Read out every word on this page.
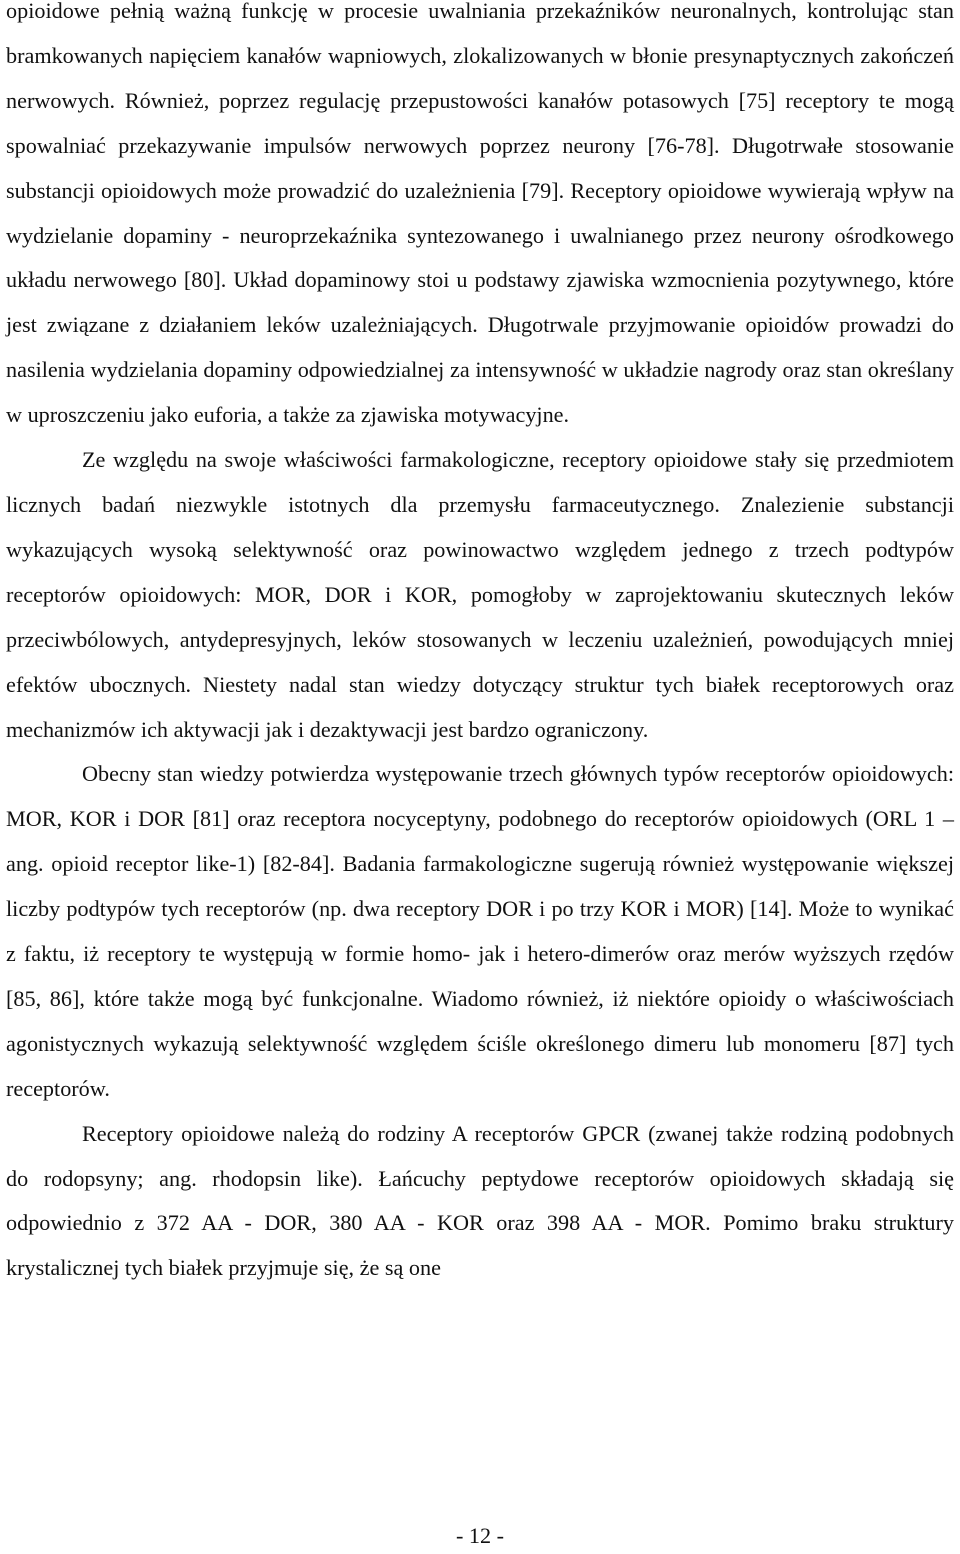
opioidowe pełnią ważną funkcję w procesie uwalniania przekaźników neuronalnych, kontrolując stan bramkowanych napięciem kanałów wapniowych, zlokalizowanych w błonie presynaptycznych zakończeń nerwowych. Również, poprzez regulację przepustowości kanałów potasowych [75] receptory te mogą spowalniać przekazywanie impulsów nerwowych poprzez neurony [76-78]. Długotrwałe stosowanie substancji opioidowych może prowadzić do uzależnienia [79]. Receptory opioidowe wywierają wpływ na wydzielanie dopaminy - neuroprzekaźnika syntezowanego i uwalnianego przez neurony ośrodkowego układu nerwowego [80]. Układ dopaminowy stoi u podstawy zjawiska wzmocnienia pozytywnego, które jest związane z działaniem leków uzależniających. Długotrwale przyjmowanie opioidów prowadzi do nasilenia wydzielania dopaminy odpowiedzialnej za intensywność w układzie nagrody oraz stan określany w uproszczeniu jako euforia, a także za zjawiska motywacyjne.

Ze względu na swoje właściwości farmakologiczne, receptory opioidowe stały się przedmiotem licznych badań niezwykle istotnych dla przemysłu farmaceutycznego. Znalezienie substancji wykazujących wysoką selektywność oraz powinowactwo względem jednego z trzech podtypów receptorów opioidowych: MOR, DOR i KOR, pomogłoby w zaprojektowaniu skutecznych leków przeciwbólowych, antydepresyjnych, leków stosowanych w leczeniu uzależnień, powodujących mniej efektów ubocznych. Niestety nadal stan wiedzy dotyczący struktur tych białek receptorowych oraz mechanizmów ich aktywacji jak i dezaktywacji jest bardzo ograniczony.

Obecny stan wiedzy potwierdza występowanie trzech głównych typów receptorów opioidowych: MOR, KOR i DOR [81] oraz receptora nocyceptyny, podobnego do receptorów opioidowych (ORL 1 – ang. opioid receptor like-1) [82-84]. Badania farmakologiczne sugerują również występowanie większej liczby podtypów tych receptorów (np. dwa receptory DOR i po trzy KOR i MOR) [14]. Może to wynikać z faktu, iż receptory te występują w formie homo- jak i hetero-dimerów oraz merów wyższych rzędów [85, 86], które także mogą być funkcjonalne. Wiadomo również, iż niektóre opioidy o właściwościach agonistycznych wykazują selektywność względem ściśle określonego dimeru lub monomeru [87] tych receptorów.

Receptory opioidowe należą do rodziny A receptorów GPCR (zwanej także rodziną podobnych do rodopsyny; ang. rhodopsin like). Łańcuchy peptydowe receptorów opioidowych składają się odpowiednio z 372 AA - DOR, 380 AA - KOR oraz 398 AA - MOR. Pomimo braku struktury krystalicznej tych białek przyjmuje się, że są one

- 12 -
